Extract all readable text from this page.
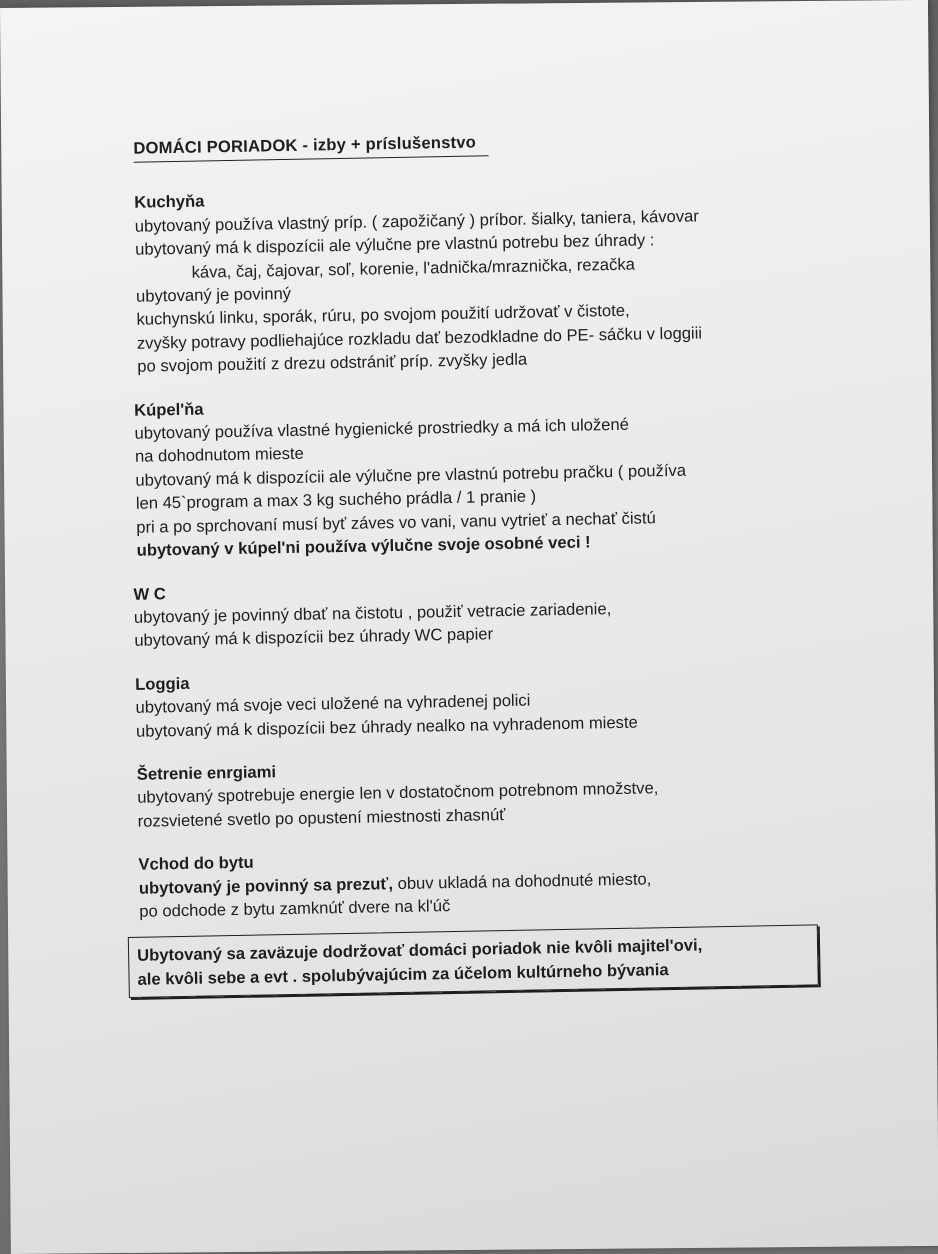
DOMÁCI PORIADOK - izby + príslušenstvo
Kuchyňa
ubytovaný používa vlastný príp. ( zapožičaný ) príbor. šialky, taniera, kávovar
ubytovaný má k dispozícii ale výlučne pre vlastnú potrebu bez úhrady :
káva, čaj, čajovar, soľ, korenie, l'adnička/mraznička, rezačka
ubytovaný je povinný
kuchynskú linku, sporák, rúru, po svojom použití udržovať v čistote,
zvyšky potravy podliehajúce rozkladu dať bezodkladne do PE- sáčku v loggiii
po svojom použití z drezu odstrániť príp. zvyšky jedla
Kúpel'ňa
ubytovaný používa vlastné hygienické prostriedky a má ich uložené
na dohodnutom mieste
ubytovaný má k dispozícii ale výlučne pre vlastnú potrebu pračku ( používa
len 45`program a max 3 kg suchého prádla / 1 pranie )
pri a po sprchovaní musí byť záves vo vani, vanu vytrieť a nechať čistú
ubytovaný v kúpel'ni používa výlučne svoje osobné veci !
W C
ubytovaný je povinný dbať na čistotu , použiť vetracie zariadenie,
ubytovaný má k dispozícii bez úhrady WC papier
Loggia
ubytovaný má svoje veci uložené na vyhradenej polici
ubytovaný má k dispozícii bez úhrady nealko na vyhradenom mieste
Šetrenie enrgiami
ubytovaný spotrebuje energie len v dostatočnom potrebnom množstve,
rozsvietené svetlo po opustení miestnosti zhasnúť
Vchod do bytu
ubytovaný je povinný sa prezuť, obuv ukladá na dohodnuté miesto,
po odchode z bytu zamknúť dvere na kl'úč
Ubytovaný sa zaväzuje dodržovať domáci poriadok nie kvôli majitel'ovi,
ale kvôli sebe a evt . spolubývajúcim za účelom kultúrneho bývania
